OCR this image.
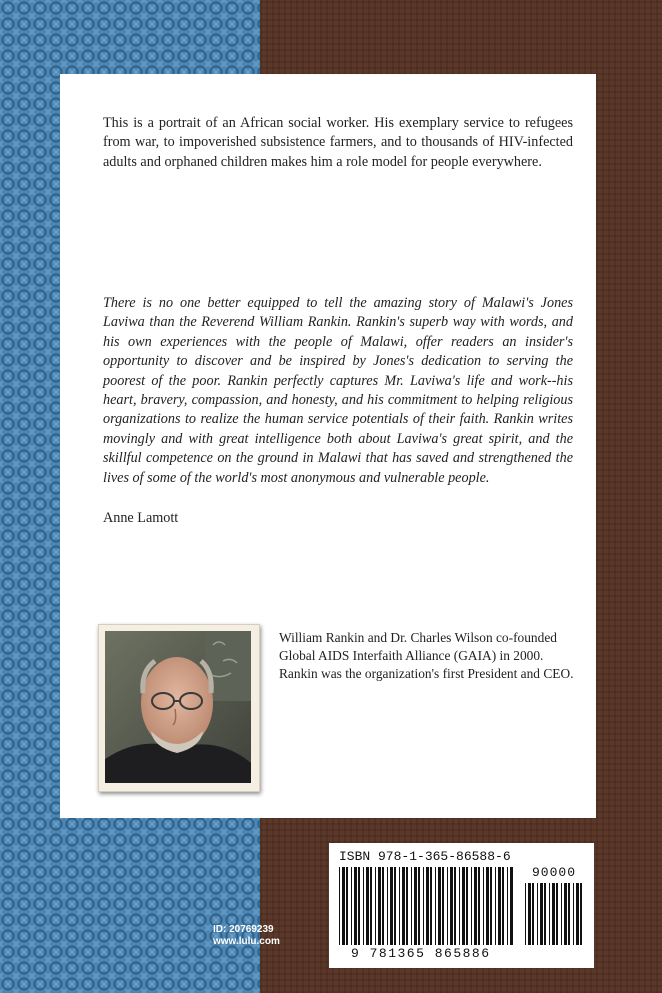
This is a portrait of an African social worker. His exemplary service to refugees from war, to impoverished subsistence farmers, and to thousands of HIV-infected adults and orphaned children makes him a role model for people everywhere.
There is no one better equipped to tell the amazing story of Malawi's Jones Laviwa than the Reverend William Rankin. Rankin's superb way with words, and his own experiences with the people of Malawi, offer readers an insider's opportunity to discover and be inspired by Jones's dedication to serving the poorest of the poor. Rankin perfectly captures Mr. Laviwa's life and work--his heart, bravery, compassion, and honesty, and his commitment to helping religious organizations to realize the human service potentials of their faith. Rankin writes movingly and with great intelligence both about Laviwa's great spirit, and the skillful competence on the ground in Malawi that has saved and strengthened the lives of some of the world's most anonymous and vulnerable people.
Anne Lamott
William Rankin and Dr. Charles Wilson co-founded Global AIDS Interfaith Alliance (GAIA) in 2000. Rankin was the organization's first President and CEO.
ISBN 978-1-365-86588-6
90000
9 781365 865886
ID: 20769239
www.lulu.com
